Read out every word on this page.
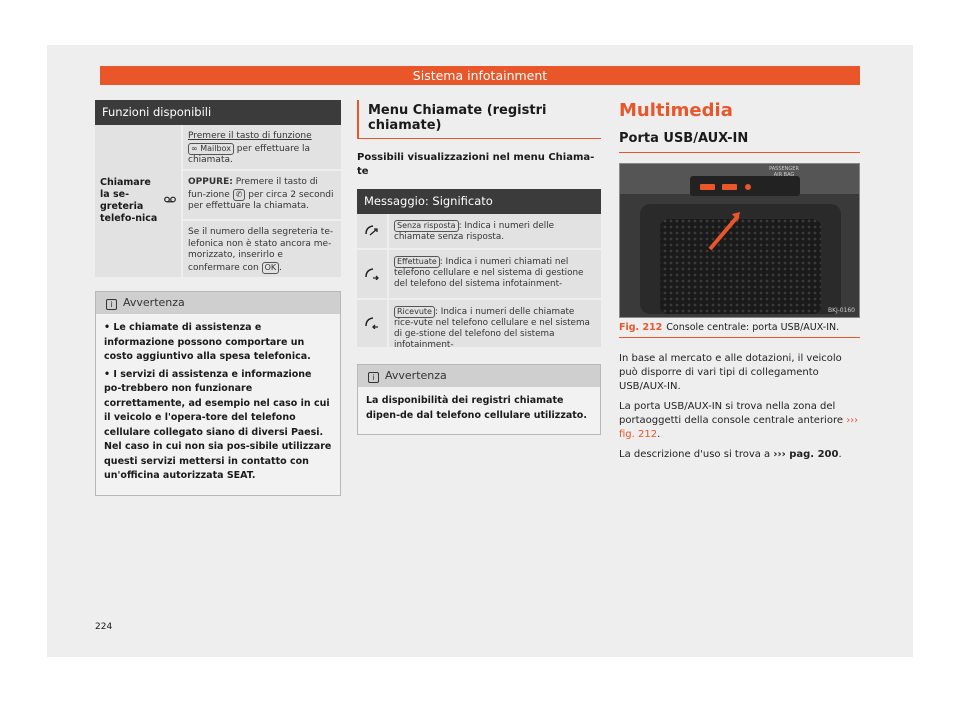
Sistema infotainment
Funzioni disponibili
Chiamare la se-greteria telefo-nica
Premere il tasto di funzione
∞ Mailbox per effettuare la chiamata.
OPPURE: Premere il tasto di fun-zione ✆ per circa 2 secondi per effettuare la chiamata.
Se il numero della segreteria te-lefonica non è stato ancora me-morizzato, inserirlo e confermare con OK .
i Avvertenza

• Le chiamate di assistenza e informazione possono comportare un costo aggiuntivo alla spesa telefonica.

• I servizi di assistenza e informazione po-trebbero non funzionare correttamente, ad esempio nel caso in cui il veicolo e l'opera-tore del telefono cellulare collegato siano di diversi Paesi. Nel caso in cui non sia pos-sibile utilizzare questi servizi mettersi in contatto con un'officina autorizzata SEAT.

Menu Chiamate (registri chiamate)
Possibili visualizzazioni nel menu Chiama-te
Messaggio: Significato
Senza risposta : Indica i numeri delle chiamate senza risposta.
Effettuate : Indica i numeri chiamati nel telefono cellulare e nel sistema di gestione del telefono del sistema infotainment-
Ricevute : Indica i numeri delle chiamate rice-vute nel telefono cellulare e nel sistema di ge-stione del telefono del sistema infotainment-
i Avvertenza

La disponibilità dei registri chiamate dipen-de dal telefono cellulare utilizzato.

Multimedia
Porta USB/AUX-IN
PASSENGER AIR BAG
BKJ-0160
Fig. 212 Console centrale: porta USB/AUX-IN.

In base al mercato e alle dotazioni, il veicolo può disporre di vari tipi di collegamento USB/AUX-IN.

La porta USB/AUX-IN si trova nella zona del portaoggetti della console centrale anteriore ››› fig. 212.

La descrizione d'uso si trova a ››› pag. 200.

224
